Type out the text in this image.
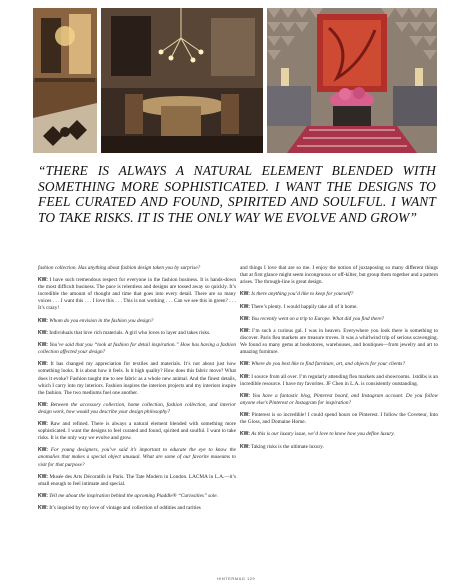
“THERE IS ALWAYS A NATURAL ELEMENT BLENDED WITH SOMETHING MORE SOPHISTICATED. I WANT THE DESIGNS TO FEEL CURATED AND FOUND, SPIRITED AND SOULFUL. I WANT TO TAKE RISKS. IT IS THE ONLY WAY WE EVOLVE AND GROW”

fashion collection. Has anything about fashion design taken you by surprise?

KW: I have such tremendous respect for everyone in the fashion business. It is hands-down the most difficult business. The pace is relentless and designs are tossed away so quickly. It’s incredible the amount of thought and time that goes into every detail. There are so many voices . . . I want this . . . I love this . . . This is not working . . . Can we see this in green? . . . It’s crazy!

KW: Whom do you envision in the fashion you design?

KW: Individuals that love rich materials. A girl who loves to layer and takes risks.

KW: You’ve said that you “look at fashion for detail inspiration.” How has having a fashion collection affected your design?

KW: It has changed my appreciation for textiles and materials. It’s not about just how something looks. It is about how it feels. Is it high quality? How does this fabric move? What does it evoke? Fashion taught me to see fabric as a whole new animal. And the finest details, which I carry into my interiors. Fashion inspires the interiors projects and my interiors inspire the fashion. The two mediums fuel one another.

KW: Between the accessory collection, home collection, fashion collection, and interior design work, how would you describe your design philosophy?

KW: Raw and refined. There is always a natural element blended with something more sophisticated. I want the designs to feel curated and found, spirited and soulful. I want to take risks. It is the only way we evolve and grow.

KW: For young designers, you’ve said it’s important to educate the eye to know the anomalies that makes a special object unusual. What are some of our favorite museums to visit for that purpose?

KW: Musée des Arts Décoratifs in Paris. The Tate Modern in London. LACMA in L.A.—it’s small enough to feel intimate and special.

KW: Tell me about the inspiration behind the upcoming Piaddle® “Curiosities” sole.

KW: It’s inspired by my love of vintage and collection of oddities and rarities

and things I love that are so me. I enjoy the notion of juxtaposing so many different things that at first glance might seem incongruous or off-kilter, but group them together and a pattern arises. The through-line is great design.

KW: Is there anything you’d like to keep for yourself?

KW: There’s plenty. I would happily take all of it home.

KW: You recently went on a trip to Europe. What did you find there?

KW: I’m such a curious gal. I was in heaven. Everywhere you look there is something to discover. Paris flea markets are treasure troves. It was a whirlwind trip of serious scavenging. We found so many gems at bookstores, warehouses, and boutiques—from jewelry and art to amazing furniture.

KW: Where do you best like to find furniture, art, and objects for your clients?

KW: I source from all over. I’m regularly attending flea markets and showrooms. 1stdibs is an incredible resource. I have my favorites. JF Chen in L.A. is consistently outstanding.

KW: You have a fantastic blog, Pinterest board, and Instagram account. Do you follow anyone else’s Pinterest or Instagram for inspiration?

KW: Pinterest is so incredible! I could spend hours on Pinterest. I follow the Coveteur, Into the Gloss, and Domaine Home.

KW: As this is our luxury issue, we’d love to know how you define luxury.

KW: Taking risks is the ultimate luxury.

HINTERMAG 129
